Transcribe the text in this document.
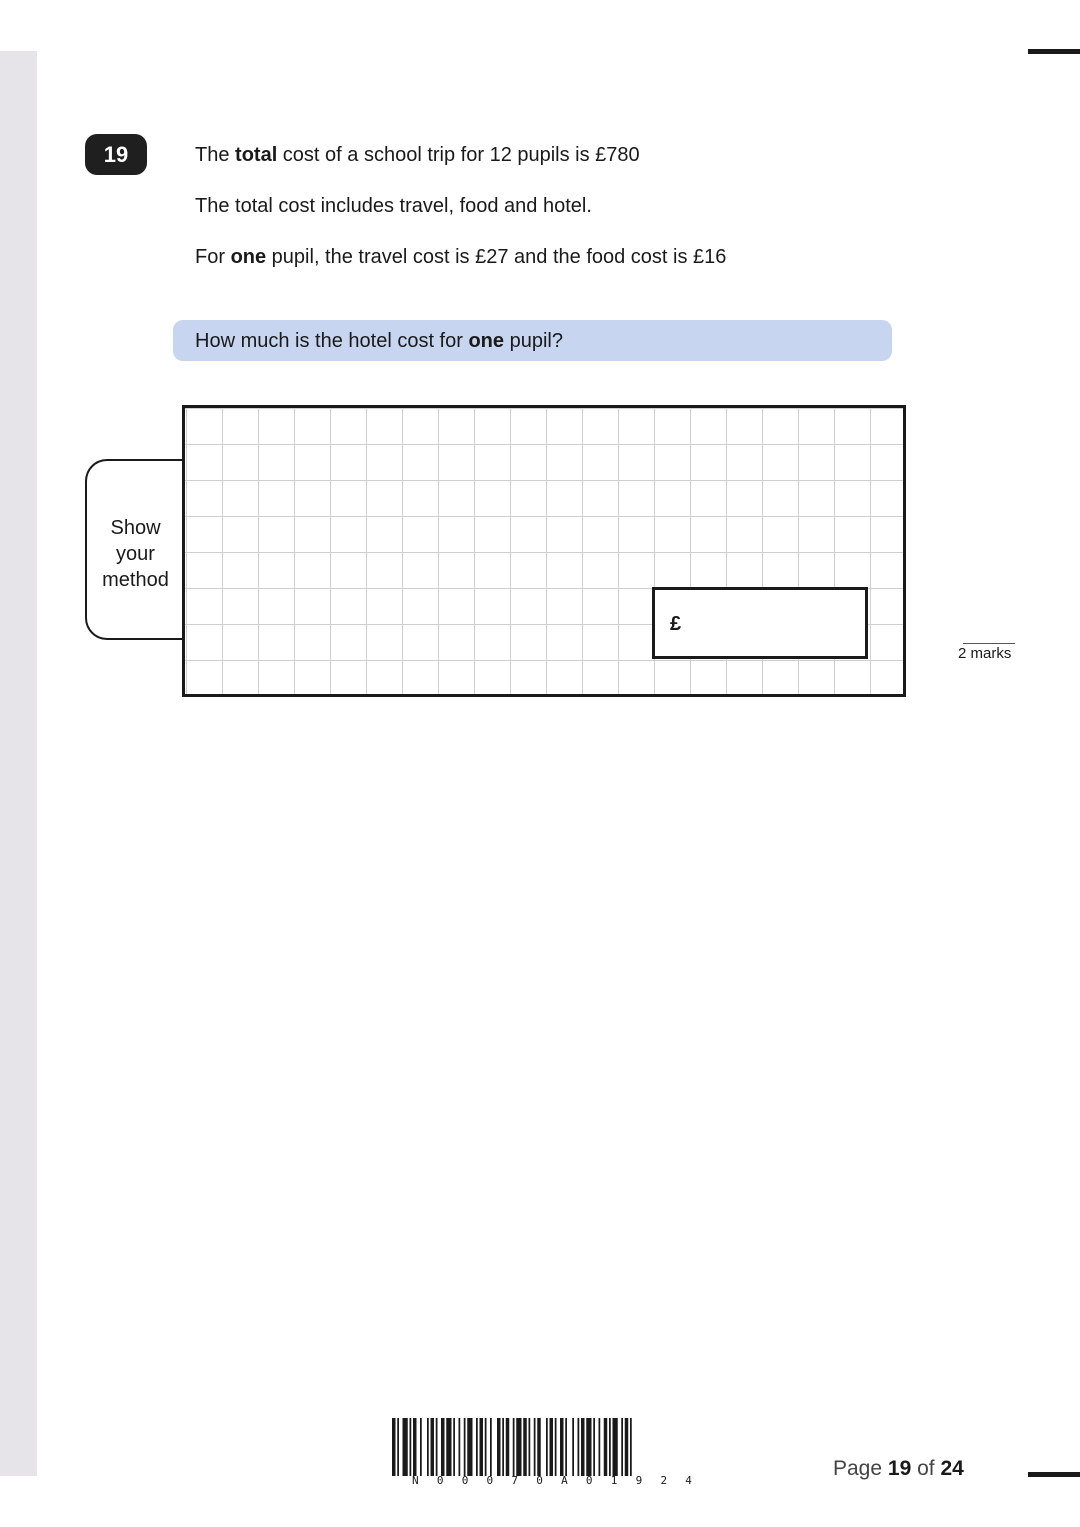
19	The total cost of a school trip for 12 pupils is £780
The total cost includes travel, food and hotel.
For one pupil, the travel cost is £27 and the food cost is £16
How much is the hotel cost for one pupil?
Show
your
method
£
2 marks
N 0 0 0 7 0 A 0 1 9 2 4
Page 19 of 24
